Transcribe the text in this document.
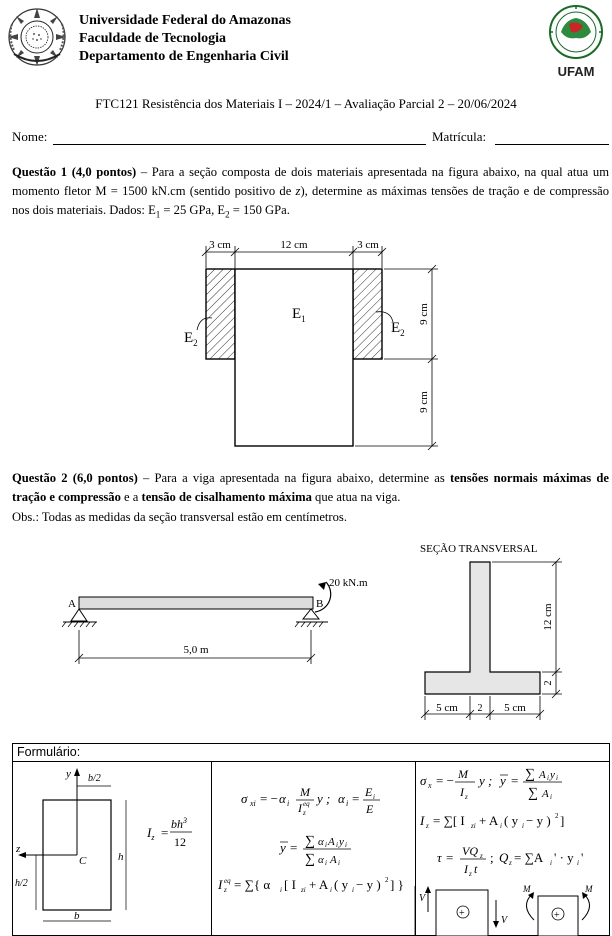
Universidade Federal do Amazonas
Faculdade de Tecnologia
Departamento de Engenharia Civil
UFAM
FTC121 Resistência dos Materiais I – 2024/1 – Avaliação Parcial 2 – 20/06/2024
Nome:	Matrícula:
Questão 1 (4,0 pontos) – Para a seção composta de dois materiais apresentada na figura abaixo, na qual atua um momento fletor M = 1500 kN.cm (sentido positivo de z), determine as máximas tensões de tração e de compressão nos dois materiais. Dados: $E_1 = 25$ GPa, $E_2 = 150$ GPa.
3 cm	12 cm	3 cm
$E_1$
$E_2$
$E_2$
9 cm
9 cm
Questão 2 (6,0 pontos) – Para a viga apresentada na figura abaixo, determine as tensões normais máximas de tração e compressão e a tensão de cisalhamento máxima que atua na viga.
Obs.: Todas as medidas da seção transversal estão em centímetros.
SEÇÃO TRANSVERSAL
A	B
20 kN.m
5,0 m
12 cm
2
5 cm 2 5 cm
Formulário:
y b/2
z
C	h
h/2
b
$I_z$ =
$bh^3$
12
σ xi = − α i
M
I eq
z
y ; α i = E i
E
y = ∑ α i A i y i
∑ α i A i
I eq
z = ∑{ α i [ I zi + A i ( y i − y ) 2 ] }
σ x = − M
I z
y ; y = ∑ A i y i
∑ A i
I z = ∑[ I zi + A i ( y i − y ) 2 ]
τ = VQ z
I z t
; Q z = ∑A i ' · y i '
V
V
+
M	M
+
